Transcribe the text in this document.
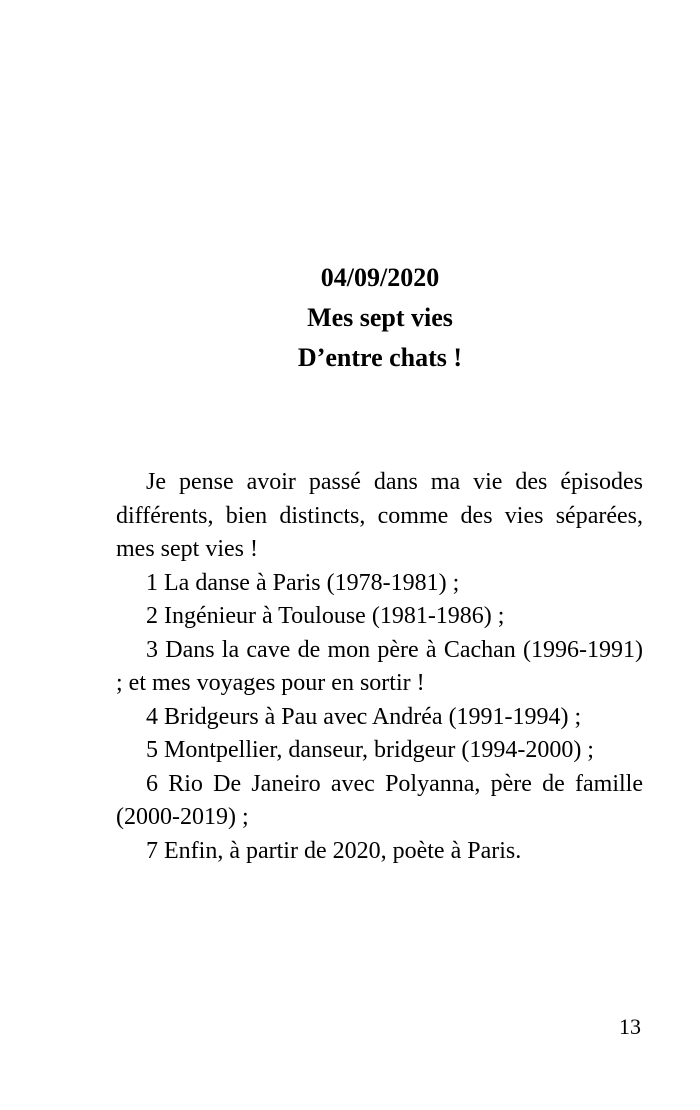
04/09/2020
Mes sept vies
D’entre chats !

Je pense avoir passé dans ma vie des épisodes différents, bien distincts, comme des vies séparées, mes sept vies !

1 La danse à Paris (1978-1981) ;

2 Ingénieur à Toulouse (1981-1986) ;

3 Dans la cave de mon père à Cachan (1996-1991) ; et mes voyages pour en sortir !

4 Bridgeurs à Pau avec Andréa (1991-1994) ;

5 Montpellier, danseur, bridgeur (1994-2000) ;

6 Rio De Janeiro avec Polyanna, père de famille (2000-2019) ;

7 Enfin, à partir de 2020, poète à Paris.

13
